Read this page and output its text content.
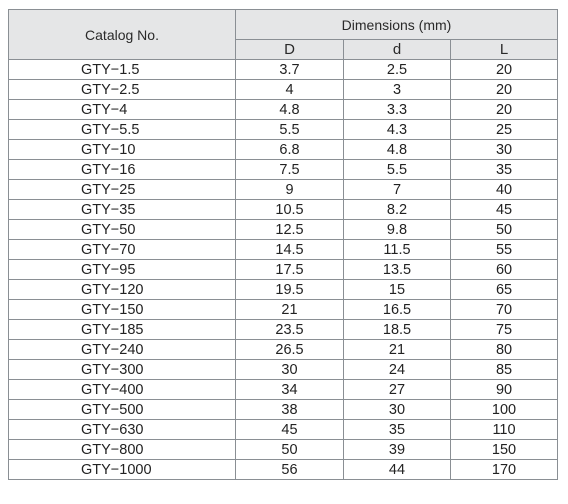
Catalog No.	Dimensions (mm)		
	D	d	L
GTY−1.5	3.7	2.5	20
GTY−2.5	4	3	20
GTY−4	4.8	3.3	20
GTY−5.5	5.5	4.3	25
GTY−10	6.8	4.8	30
GTY−16	7.5	5.5	35
GTY−25	9	7	40
GTY−35	10.5	8.2	45
GTY−50	12.5	9.8	50
GTY−70	14.5	11.5	55
GTY−95	17.5	13.5	60
GTY−120	19.5	15	65
GTY−150	21	16.5	70
GTY−185	23.5	18.5	75
GTY−240	26.5	21	80
GTY−300	30	24	85
GTY−400	34	27	90
GTY−500	38	30	100
GTY−630	45	35	110
GTY−800	50	39	150
GTY−1000	56	44	170
